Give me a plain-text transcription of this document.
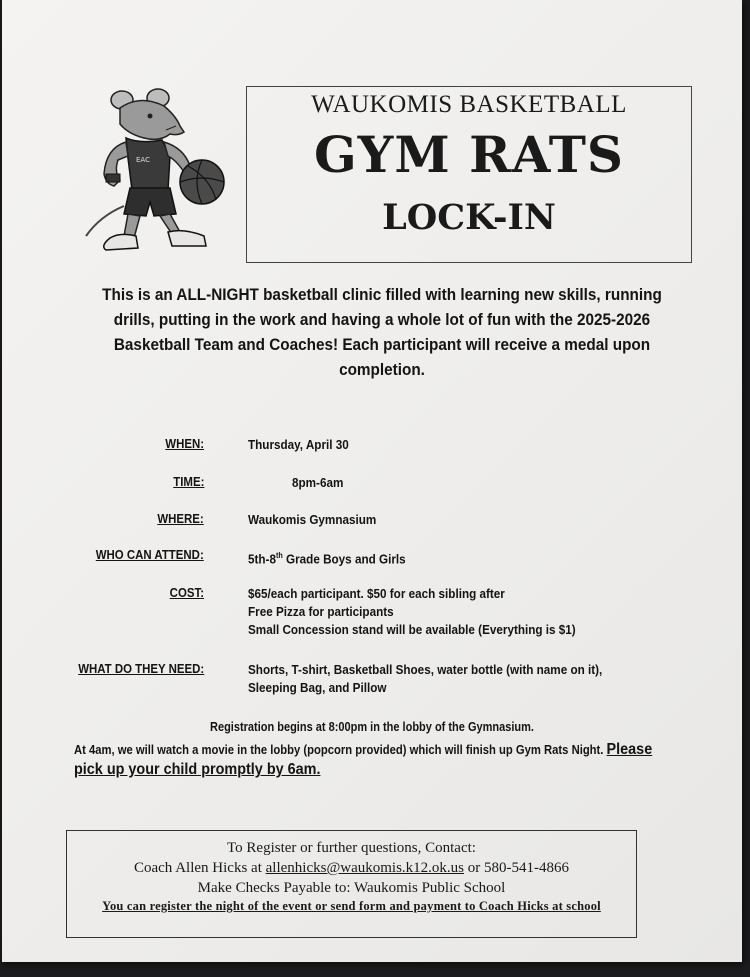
EAC
WAUKOMIS BASKETBALL
GYM RATS
LOCK-IN
This is an ALL-NIGHT basketball clinic filled with learning new skills, running drills, putting in the work and having a whole lot of fun with the 2025-2026 Basketball Team and Coaches! Each participant will receive a medal upon completion.
WHEN:	Thursday, April 30
TIME:	8pm-6am
WHERE:	Waukomis Gymnasium
WHO CAN ATTEND:	5th-8th Grade Boys and Girls
COST:	$65/each participant. $50 for each sibling after
Free Pizza for participants
Small Concession stand will be available (Everything is $1)
WHAT DO THEY NEED:	Shorts, T-shirt, Basketball Shoes, water bottle (with name on it),
Sleeping Bag, and Pillow
Registration begins at 8:00pm in the lobby of the Gymnasium.
At 4am, we will watch a movie in the lobby (popcorn provided) which will finish up Gym Rats Night. Please pick up your child promptly by 6am.
To Register or further questions, Contact:
Coach Allen Hicks at allenhicks@waukomis.k12.ok.us or 580-541-4866
Make Checks Payable to: Waukomis Public School
You can register the night of the event or send form and payment to Coach Hicks at school
